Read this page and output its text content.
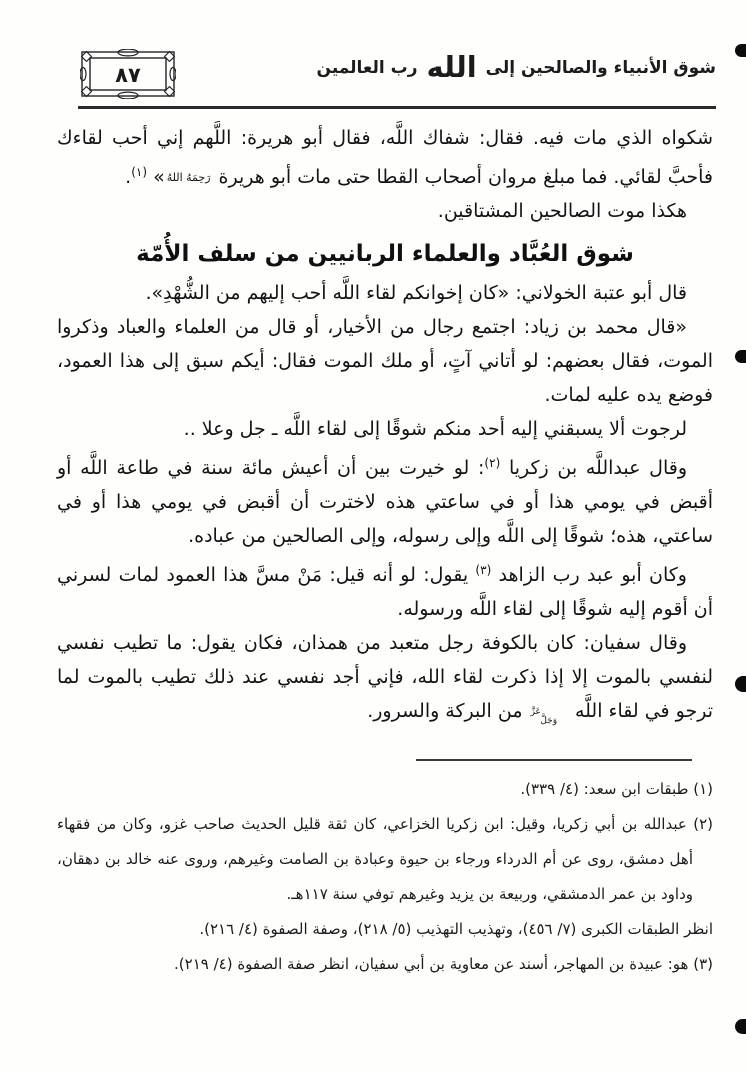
٨٧	شوق الأنبياء والصالحين إلى الله رب العالمين

شكواه الذي مات فيه. فقال: شفاك اللَّه، فقال أبو هريرة: اللَّهم إني أحب لقاءك فأحبَّ لقائي. فما مبلغ مروان أصحاب القطا حتى مات أبو هريرة رَحِمَهُ اللهُ» $^{(١)}$.

هكذا موت الصالحين المشتاقين.

شوق العُبَّاد والعلماء الربانيين من سلف الأُمّة

قال أبو عتبة الخولاني: «كان إخوانكم لقاء اللَّه أحب إليهم من الشُّهْدِ».

«قال محمد بن زياد: اجتمع رجال من الأخيار، أو قال من العلماء والعباد وذكروا الموت، فقال بعضهم: لو أتاني آتٍ، أو ملك الموت فقال: أيكم سبق إلى هذا العمود، فوضع يده عليه لمات.

لرجوت ألا يسبقني إليه أحد منكم شوقًا إلى لقاء اللَّه ـ جل وعلا ..

وقال عبداللَّه بن زكريا $^{(٢)}$: لو خيرت بين أن أعيش مائة سنة في طاعة اللَّه أو أقبض في يومي هذا أو في ساعتي هذه لاخترت أن أقبض في يومي هذا أو في ساعتي، هذه؛ شوقًا إلى اللَّه وإلى رسوله، وإلى الصالحين من عباده.

وكان أبو عبد رب الزاهد $^{(٣)}$ يقول: لو أنه قيل: مَنْ مسَّ هذا العمود لمات لسرني أن أقوم إليه شوقًا إلى لقاء اللَّه ورسوله.

وقال سفيان: كان بالكوفة رجل متعبد من همذان، فكان يقول: ما تطيب نفسي لنفسي بالموت إلا إذا ذكرت لقاء الله، فإني أجد نفسي عند ذلك تطيب بالموت لما ترجو في لقاء اللَّه عَزَّ
وَجَلَّ من البركة والسرور.

(١) طبقات ابن سعد: (٤/ ٣٣٩).

(٢) عبدالله بن أبي زكريا، وقيل: ابن زكريا الخزاعي، كان ثقة قليل الحديث صاحب غزو، وكان من فقهاء أهل دمشق، روى عن أم الدرداء ورجاء بن حيوة وعبادة بن الصامت وغيرهم، وروى عنه خالد بن دهقان، وداود بن عمر الدمشقي، وربيعة بن يزيد وغيرهم توفي سنة ١١٧هـ.

انظر الطبقات الكبرى (٧/ ٤٥٦)، وتهذيب التهذيب (٥/ ٢١٨)، وصفة الصفوة (٤/ ٢١٦).

(٣) هو: عبيدة بن المهاجر، أسند عن معاوية بن أبي سفيان، انظر صفة الصفوة (٤/ ٢١٩).
